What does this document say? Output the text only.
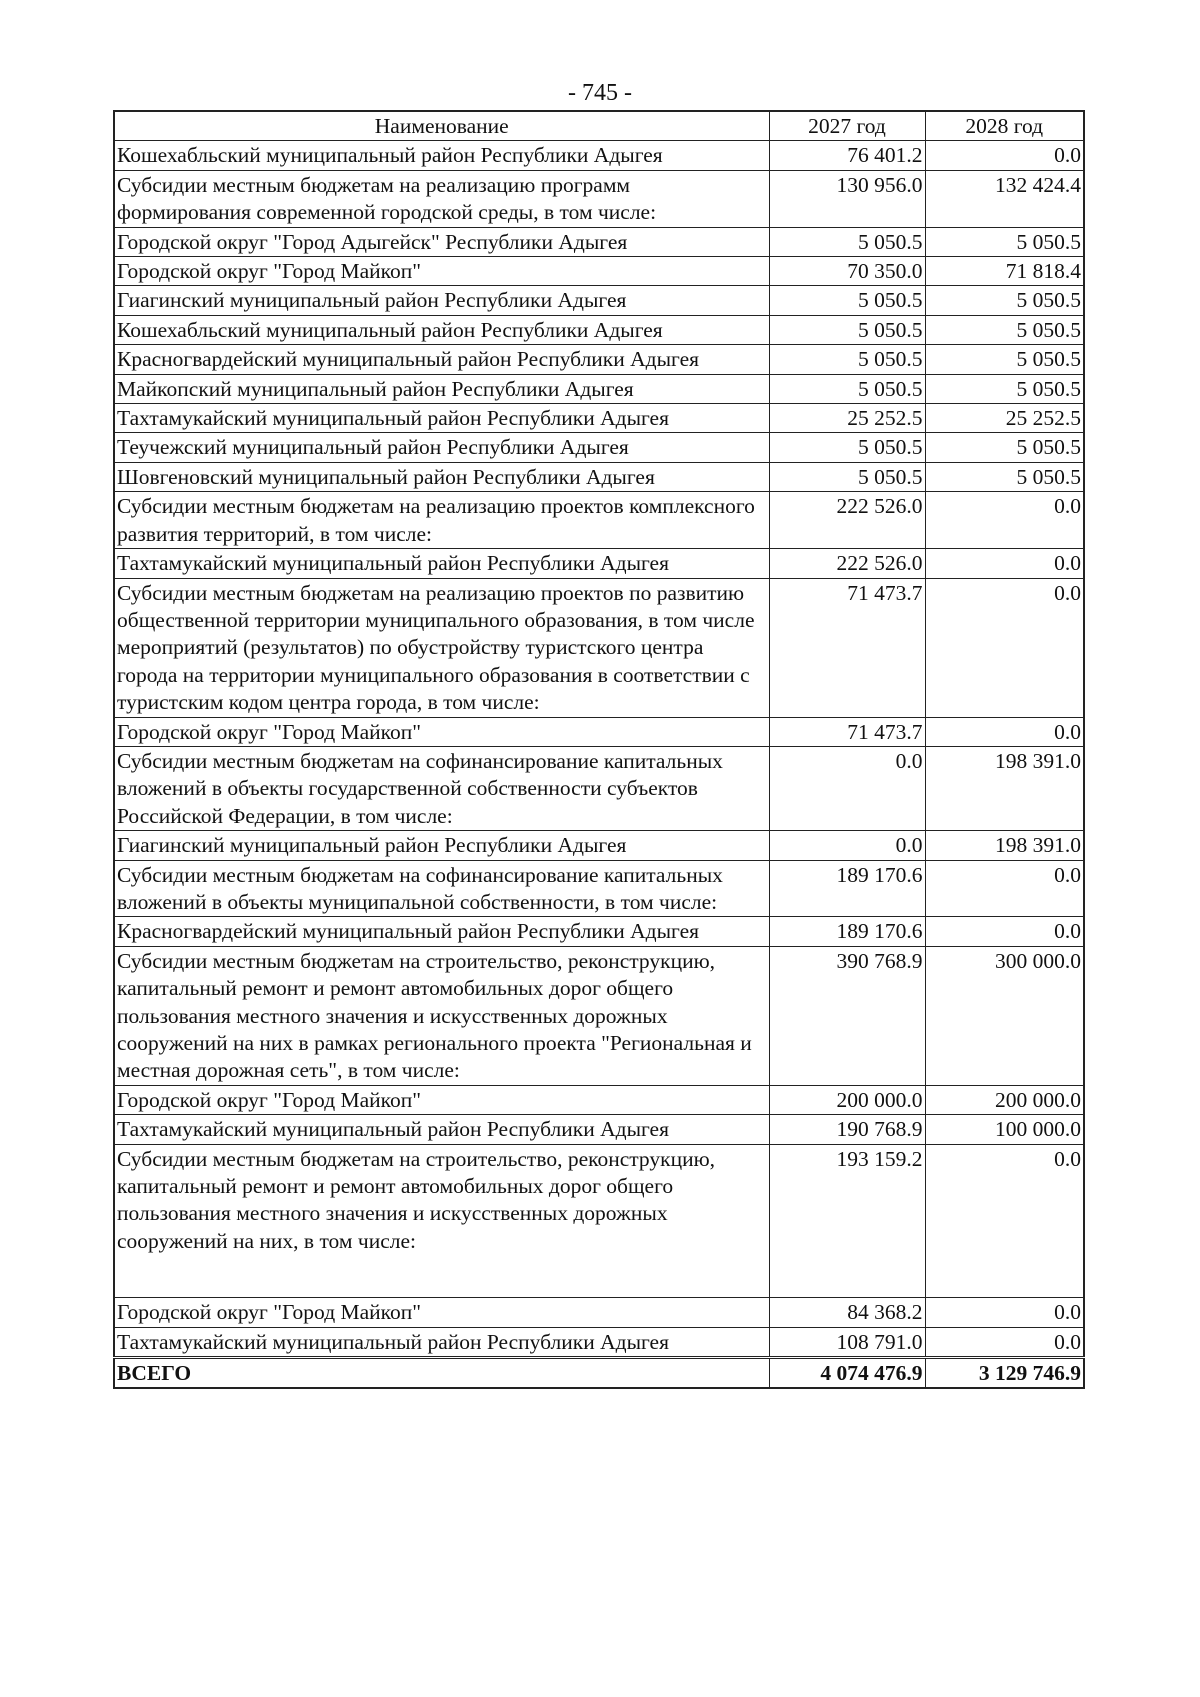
- 745 -
Наименование	2027 год	2028 год
Кошехабльский муниципальный район Республики Адыгея	76 401.2	0.0
Субсидии местным бюджетам на реализацию программ формирования современной городской среды, в том числе:	130 956.0	132 424.4
Городской округ "Город Адыгейск" Республики Адыгея	5 050.5	5 050.5
Городской округ "Город Майкоп"	70 350.0	71 818.4
Гиагинский муниципальный район Республики Адыгея	5 050.5	5 050.5
Кошехабльский муниципальный район Республики Адыгея	5 050.5	5 050.5
Красногвардейский муниципальный район Республики Адыгея	5 050.5	5 050.5
Майкопский муниципальный район Республики Адыгея	5 050.5	5 050.5
Тахтамукайский муниципальный район Республики Адыгея	25 252.5	25 252.5
Теучежский муниципальный район Республики Адыгея	5 050.5	5 050.5
Шовгеновский муниципальный район Республики Адыгея	5 050.5	5 050.5
Субсидии местным бюджетам на реализацию проектов комплексного развития территорий, в том числе:	222 526.0	0.0
Тахтамукайский муниципальный район Республики Адыгея	222 526.0	0.0
Субсидии местным бюджетам на реализацию проектов по развитию общественной территории муниципального образования, в том числе мероприятий (результатов) по обустройству туристского центра города на территории муниципального образования в соответствии с туристским кодом центра города, в том числе:	71 473.7	0.0
Городской округ "Город Майкоп"	71 473.7	0.0
Субсидии местным бюджетам на софинансирование капитальных вложений в объекты государственной собственности субъектов Российской Федерации, в том числе:	0.0	198 391.0
Гиагинский муниципальный район Республики Адыгея	0.0	198 391.0
Субсидии местным бюджетам на софинансирование капитальных вложений в объекты муниципальной собственности, в том числе:	189 170.6	0.0
Красногвардейский муниципальный район Республики Адыгея	189 170.6	0.0
Субсидии местным бюджетам на строительство, реконструкцию, капитальный ремонт и ремонт автомобильных дорог общего пользования местного значения и искусственных дорожных сооружений на них в рамках регионального проекта "Региональная и местная дорожная сеть", в том числе:	390 768.9	300 000.0
Городской округ "Город Майкоп"	200 000.0	200 000.0
Тахтамукайский муниципальный район Республики Адыгея	190 768.9	100 000.0
Субсидии местным бюджетам на строительство, реконструкцию, капитальный ремонт и ремонт автомобильных дорог общего пользования местного значения и искусственных дорожных сооружений на них, в том числе:	193 159.2	0.0
Городской округ "Город Майкоп"	84 368.2	0.0
Тахтамукайский муниципальный район Республики Адыгея	108 791.0	0.0
ВСЕГО	4 074 476.9	3 129 746.9
